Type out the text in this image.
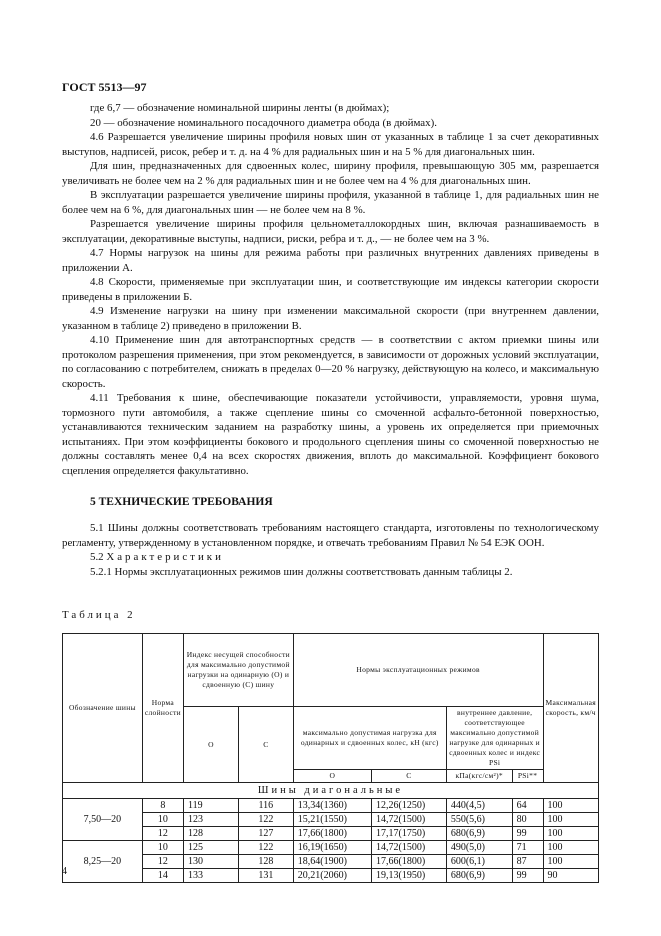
ГОСТ 5513—97

где 6,7 — обозначение номинальной ширины ленты (в дюймах);

20 — обозначение номинального посадочного диаметра обода (в дюймах).

4.6 Разрешается увеличение ширины профиля новых шин от указанных в таблице 1 за счет декоративных выступов, надписей, рисок, ребер и т. д. на 4 % для радиальных шин и на 5 % для диагональных шин.

Для шин, предназначенных для сдвоенных колес, ширину профиля, превышающую 305 мм, разрешается увеличивать не более чем на 2 % для радиальных шин и не более чем на 4 % для диагональных шин.

В эксплуатации разрешается увеличение ширины профиля, указанной в таблице 1, для радиальных шин не более чем на 6 %, для диагональных шин — не более чем на 8 %.

Разрешается увеличение ширины профиля цельнометаллокордных шин, включая разнашиваемость в эксплуатации, декоративные выступы, надписи, риски, ребра и т. д., — не более чем на 3 %.

4.7 Нормы нагрузок на шины для режима работы при различных внутренних давлениях приведены в приложении А.

4.8 Скорости, применяемые при эксплуатации шин, и соответствующие им индексы категории скорости приведены в приложении Б.

4.9 Изменение нагрузки на шину при изменении максимальной скорости (при внутреннем давлении, указанном в таблице 2) приведено в приложении В.

4.10 Применение шин для автотранспортных средств — в соответствии с актом приемки шины или протоколом разрешения применения, при этом рекомендуется, в зависимости от дорожных условий эксплуатации, по согласованию с потребителем, снижать в пределах 0—20 % нагрузку, действующую на колесо, и максимальную скорость.

4.11 Требования к шине, обеспечивающие показатели устойчивости, управляемости, уровня шума, тормозного пути автомобиля, а также сцепление шины со смоченной асфальто-бетонной поверхностью, устанавливаются техническим заданием на разработку шины, а уровень их определяется при приемочных испытаниях. При этом коэффициенты бокового и продольного сцепления шины со смоченной поверхностью не должны составлять менее 0,4 на всех скоростях движения, вплоть до максимальной. Коэффициент бокового сцепления определяется факультативно.

5 ТЕХНИЧЕСКИЕ ТРЕБОВАНИЯ

5.1 Шины должны соответствовать требованиям настоящего стандарта, изготовлены по технологическому регламенту, утвержденному в установленном порядке, и отвечать требованиям Правил № 54 ЕЭК ООН.

5.2 Характеристики

5.2.1 Нормы эксплуатационных режимов шин должны соответствовать данным таблицы 2.

Таблица 2
Обозначение шины	Норма слойности	Индекс несущей способности для максимально допустимой нагрузки на одинарную (О) и сдвоенную (С) шину		Нормы эксплуатационных режимов				Максимальная скорость, км/ч
		О	С	максимально допустимая нагрузка для одинарных и сдвоенных колес, кН (кгс)		внутреннее давление, соответствующее максимально допустимой нагрузке для одинарных и сдвоенных колес и индекс PSi		
				О	С	кПа(кгс/см²)*	PSi**	
Шины диагональные								
7,50—20	8	119	116	13,34(1360)	12,26(1250)	440(4,5)	64	100
	10	123	122	15,21(1550)	14,72(1500)	550(5,6)	80	100
	12	128	127	17,66(1800)	17,17(1750)	680(6,9)	99	100
8,25—20	10	125	122	16,19(1650)	14,72(1500)	490(5,0)	71	100
	12	130	128	18,64(1900)	17,66(1800)	600(6,1)	87	100
	14	133	131	20,21(2060)	19,13(1950)	680(6,9)	99	90
4
